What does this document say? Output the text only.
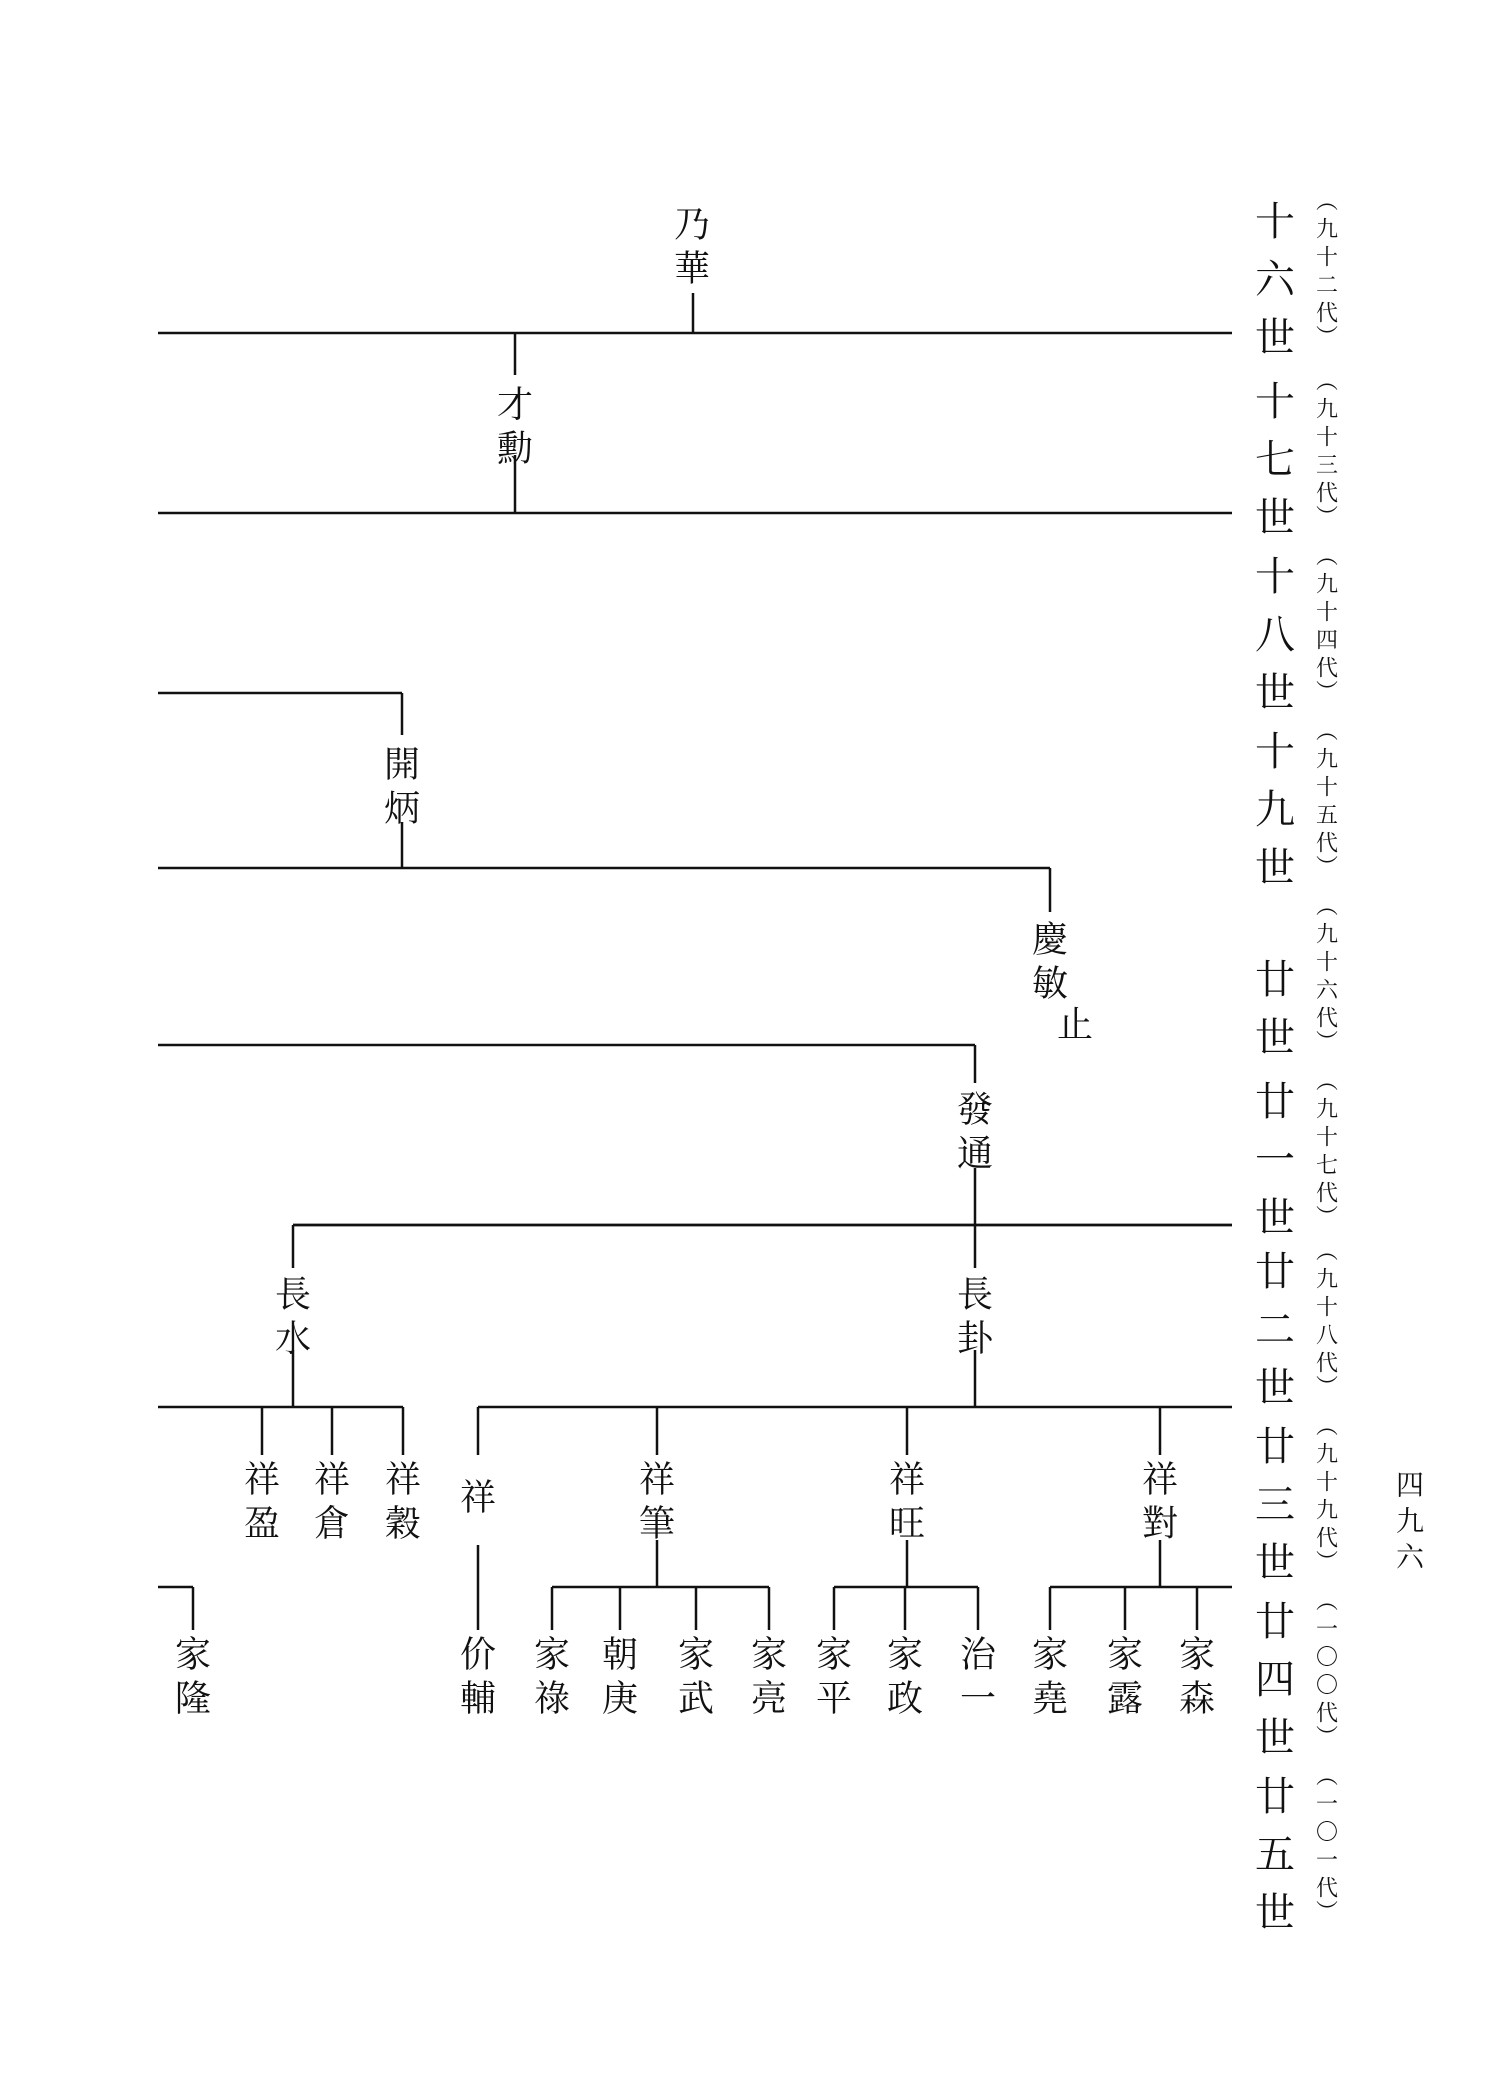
乃
華
才
勳
開
炳
慶
敏
止
發
通
長
水
長
卦
祥
盈
祥
倉
祥
穀
祥	祥
筆
祥
旺
祥
對
家
隆
价
輔
家
祿
朝
庚
家
武
家
亮
家
平
家
政
治
一
家
堯
家
露
家
森
十
六
世
︵
九
十
二
代
︶
十
七
世
︵
九
十
三
代
︶
十
八
世
︵
九
十
四
代
︶
十
九
世
︵
九
十
五
代
︶
廿
世
︵
九
十
六
代
︶
廿
一
世
︵
九
十
七
代
︶
廿
二
世
︵
九
十
八
代
︶
廿
三
世
︵
九
十
九
代
︶
廿
四
世
︵
一
〇
〇
代
︶
廿
五
世
︵
一
〇
一
代
︶
四
九
六
